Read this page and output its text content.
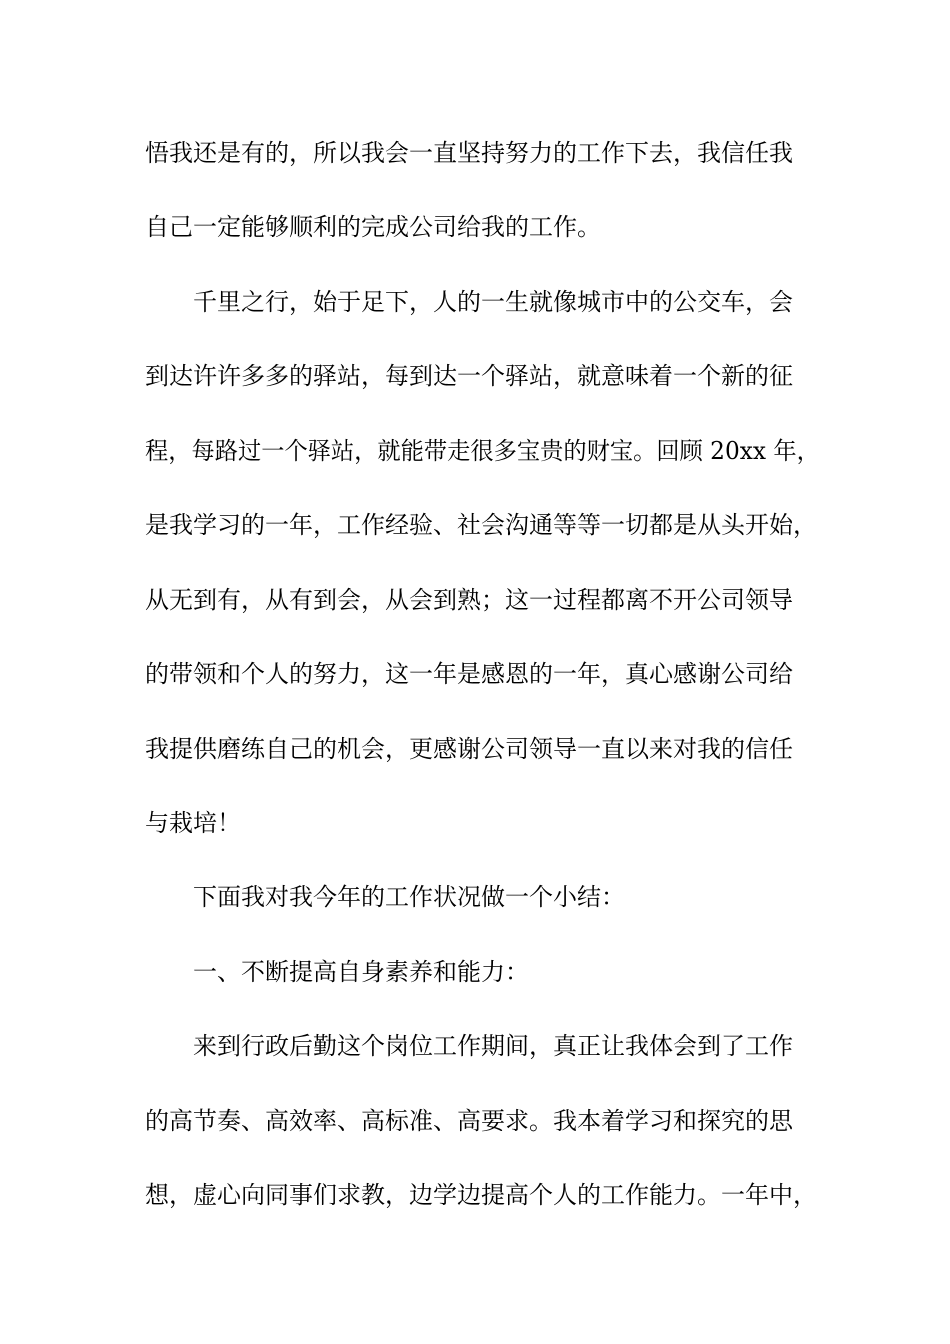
悟我还是有的，所以我会一直坚持努力的工作下去，我信任我

自己一定能够顺利的完成公司给我的工作。

千里之行，始于足下，人的一生就像城市中的公交车，会

到达许许多多的驿站，每到达一个驿站，就意味着一个新的征

程，每路过一个驿站，就能带走很多宝贵的财宝。回顾 20xx 年，

是我学习的一年，工作经验、社会沟通等等一切都是从头开始，

从无到有，从有到会，从会到熟；这一过程都离不开公司领导

的带领和个人的努力，这一年是感恩的一年，真心感谢公司给

我提供磨练自己的机会，更感谢公司领导一直以来对我的信任

与栽培！

下面我对我今年的工作状况做一个小结：

一、不断提高自身素养和能力：

来到行政后勤这个岗位工作期间，真正让我体会到了工作

的高节奏、高效率、高标准、高要求。我本着学习和探究的思

想，虚心向同事们求教，边学边提高个人的工作能力。一年中，
